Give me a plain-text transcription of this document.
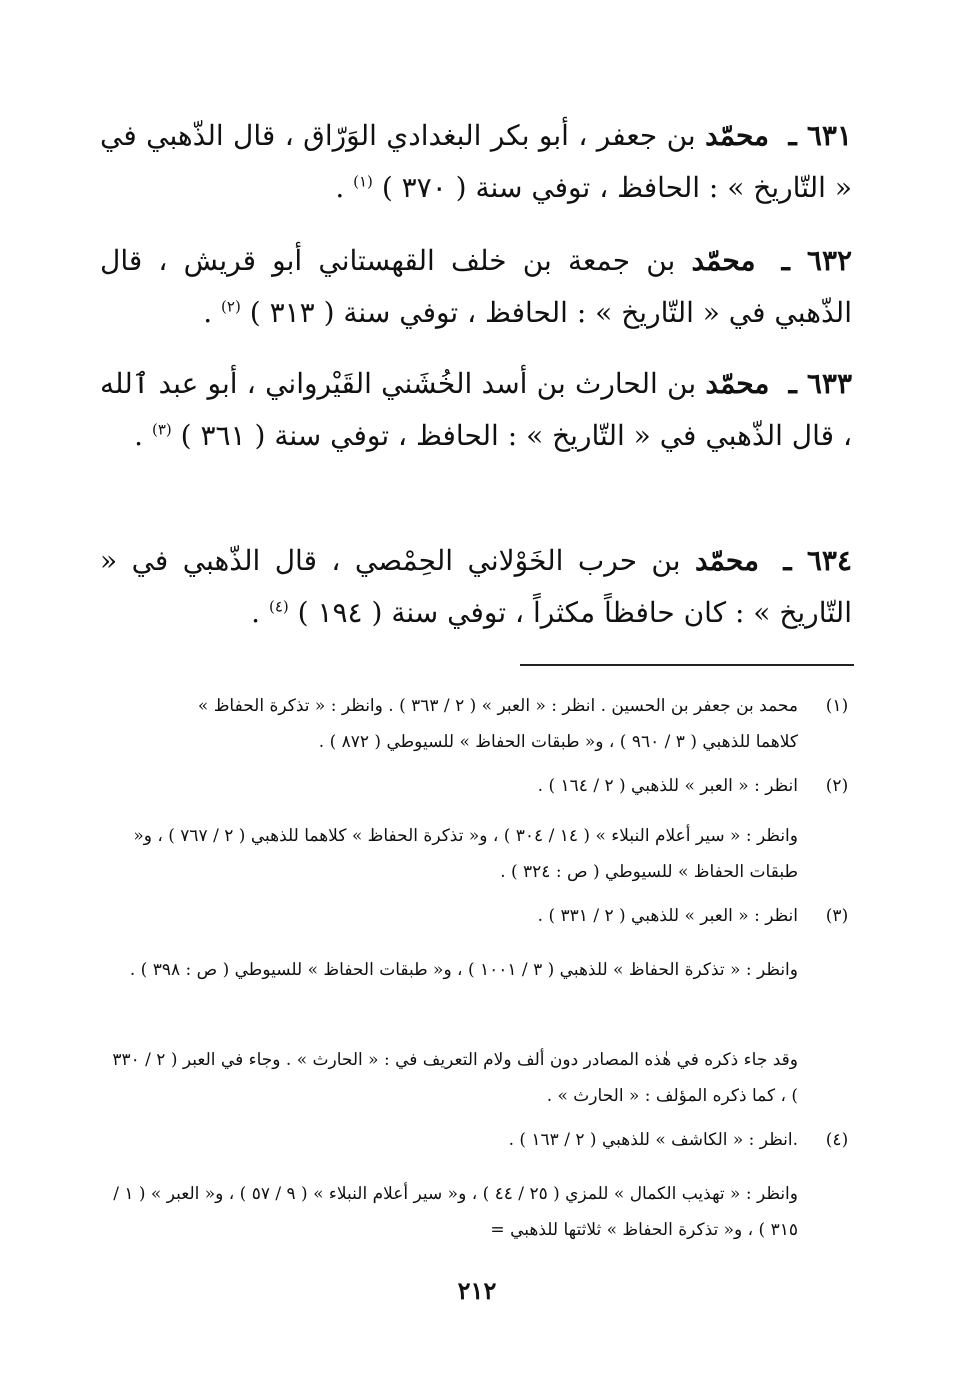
٦٣١ ـ محمّد بن جعفر ، أبو بكر البغدادي الوَرّاق ، قال الذّهبي في « التّاريخ » : الحافظ ، توفي سنة ( ٣٧٠ ) $^{(١)}$ .
٦٣٢ ـ محمّد بن جمعة بن خلف القهستاني أبو قريش ، قال الذّهبي في « التّاريخ » : الحافظ ، توفي سنة ( ٣١٣ ) $^{(٢)}$ .
٦٣٣ ـ محمّد بن الحارث بن أسد الخُشَني القَيْرواني ، أبو عبد ٱلله ، قال الذّهبي في « التّاريخ » : الحافظ ، توفي سنة ( ٣٦١ ) $^{(٣)}$ .
٦٣٤ ـ محمّد بن حرب الخَوْلاني الحِمْصي ، قال الذّهبي في « التّاريخ » : كان حافظاً مكثراً ، توفي سنة ( ١٩٤ ) $^{(٤)}$ .
(١)محمد بن جعفر بن الحسين . انظر : « العبر » ( ٢ / ٣٦٣ ) . وانظر : « تذكرة الحفاظ »
كلاهما للذهبي ( ٣ / ٩٦٠ ) ، و« طبقات الحفاظ » للسيوطي ( ٨٧٢ ) .
(٢)انظر : « العبر » للذهبي ( ٢ / ١٦٤ ) .
وانظر : « سير أعلام النبلاء » ( ١٤ / ٣٠٤ ) ، و« تذكرة الحفاظ » كلاهما للذهبي ( ٢ / ٧٦٧ ) ، و« طبقات الحفاظ » للسيوطي ( ص : ٣٢٤ ) .
(٣)انظر : « العبر » للذهبي ( ٢ / ٣٣١ ) .
وانظر : « تذكرة الحفاظ » للذهبي ( ٣ / ١٠٠١ ) ، و« طبقات الحفاظ » للسيوطي ( ص : ٣٩٨ ) .
وقد جاء ذكره في هٰذه المصادر دون ألف ولام التعريف في : « الحارث » . وجاء في العبر ( ٢ / ٣٣٠ ) ، كما ذكره المؤلف : « الحارث » .
(٤).انظر : « الكاشف » للذهبي ( ٢ / ١٦٣ ) .
وانظر : « تهذيب الكمال » للمزي ( ٢٥ / ٤٤ ) ، و« سير أعلام النبلاء » ( ٩ / ٥٧ ) ، و« العبر » ( ١ / ٣١٥ ) ، و« تذكرة الحفاظ » ثلاثتها للذهبي =
٢١٢
